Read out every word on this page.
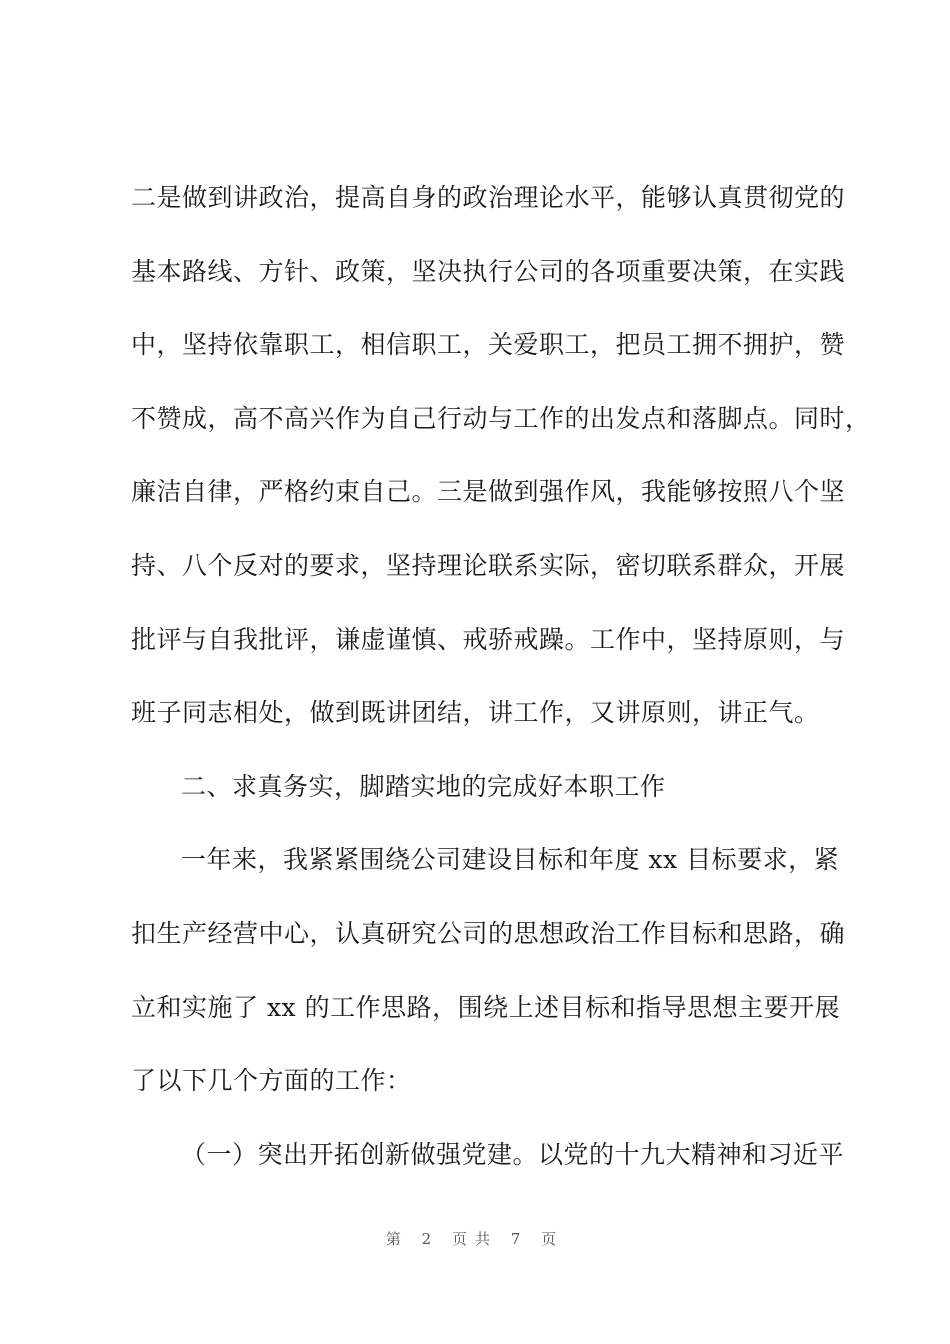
二是做到讲政治，提高自身的政治理论水平，能够认真贯彻党的
基本路线、方针、政策，坚决执行公司的各项重要决策，在实践
中，坚持依靠职工，相信职工，关爱职工，把员工拥不拥护，赞
不赞成，高不高兴作为自己行动与工作的出发点和落脚点。同时，
廉洁自律，严格约束自己。三是做到强作风，我能够按照八个坚
持、八个反对的要求，坚持理论联系实际，密切联系群众，开展
批评与自我批评，谦虚谨慎、戒骄戒躁。工作中，坚持原则，与
班子同志相处，做到既讲团结，讲工作，又讲原则，讲正气。
二、求真务实，脚踏实地的完成好本职工作
一年来，我紧紧围绕公司建设目标和年度 xx 目标要求，紧
扣生产经营中心，认真研究公司的思想政治工作目标和思路，确
立和实施了 xx 的工作思路，围绕上述目标和指导思想主要开展
了以下几个方面的工作：
（一）突出开拓创新做强党建。以党的十九大精神和习近平
第 2 页共 7 页
